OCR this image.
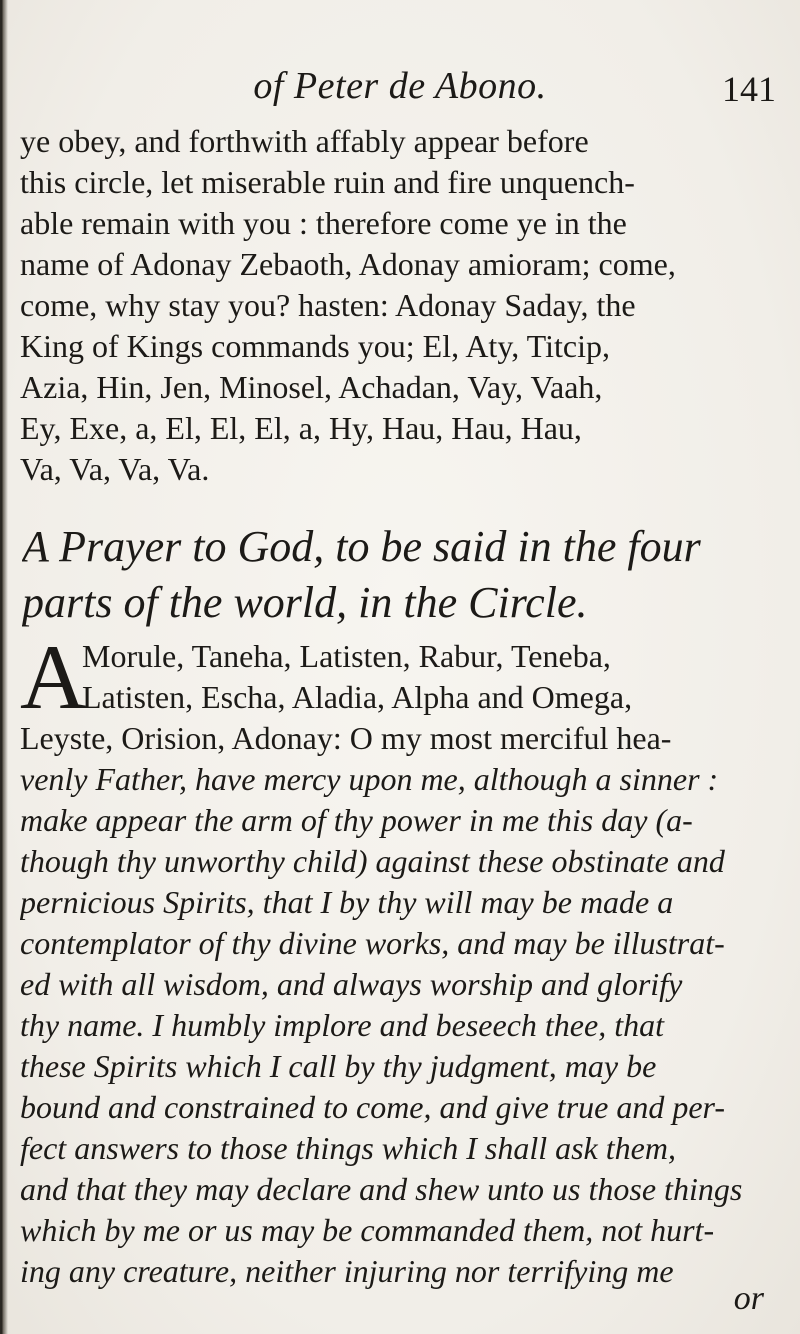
of Peter de Abono.	141
ye obey, and forthwith affably appear before
this circle, let miserable ruin and fire unquench-
able remain with you : therefore come ye in the
name of Adonay Zebaoth, Adonay amioram; come,
come, why stay you? hasten: Adonay Saday, the
King of Kings commands you; El, Aty, Titcip,
Azia, Hin, Jen, Minosel, Achadan, Vay, Vaah,
Ey, Exe, a, El, El, El, a, Hy, Hau, Hau, Hau,
Va, Va, Va, Va.
A Prayer to God, to be said in the four
parts of the world, in the Circle.
A
Morule, Taneha, Latisten, Rabur, Teneba,
Latisten, Escha, Aladia, Alpha and Omega,
Leyste, Orision, Adonay: O my most merciful hea-
venly Father, have mercy upon me, although a sinner :
make appear the arm of thy power in me this day (a-
though thy unworthy child) against these obstinate and
pernicious Spirits, that I by thy will may be made a
contemplator of thy divine works, and may be illustrat-
ed with all wisdom, and always worship and glorify
thy name. I humbly implore and beseech thee, that
these Spirits which I call by thy judgment, may be
bound and constrained to come, and give true and per-
fect answers to those things which I shall ask them,
and that they may declare and shew unto us those things
which by me or us may be commanded them, not hurt-
ing any creature, neither injuring nor terrifying me
or
